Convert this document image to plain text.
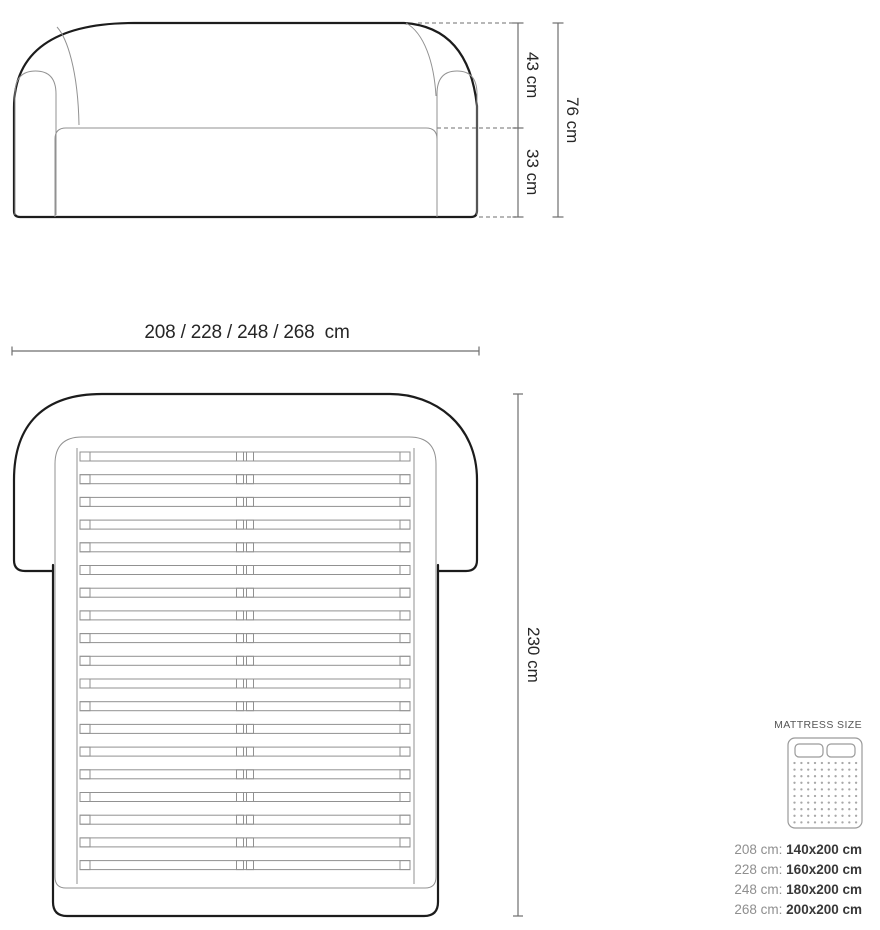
208 / 228 / 248 / 268  cm
43 cm
33 cm
76 cm
230 cm
MATTRESS SIZE
208 cm: 140x200 cm
228 cm: 160x200 cm
248 cm: 180x200 cm
268 cm: 200x200 cm
